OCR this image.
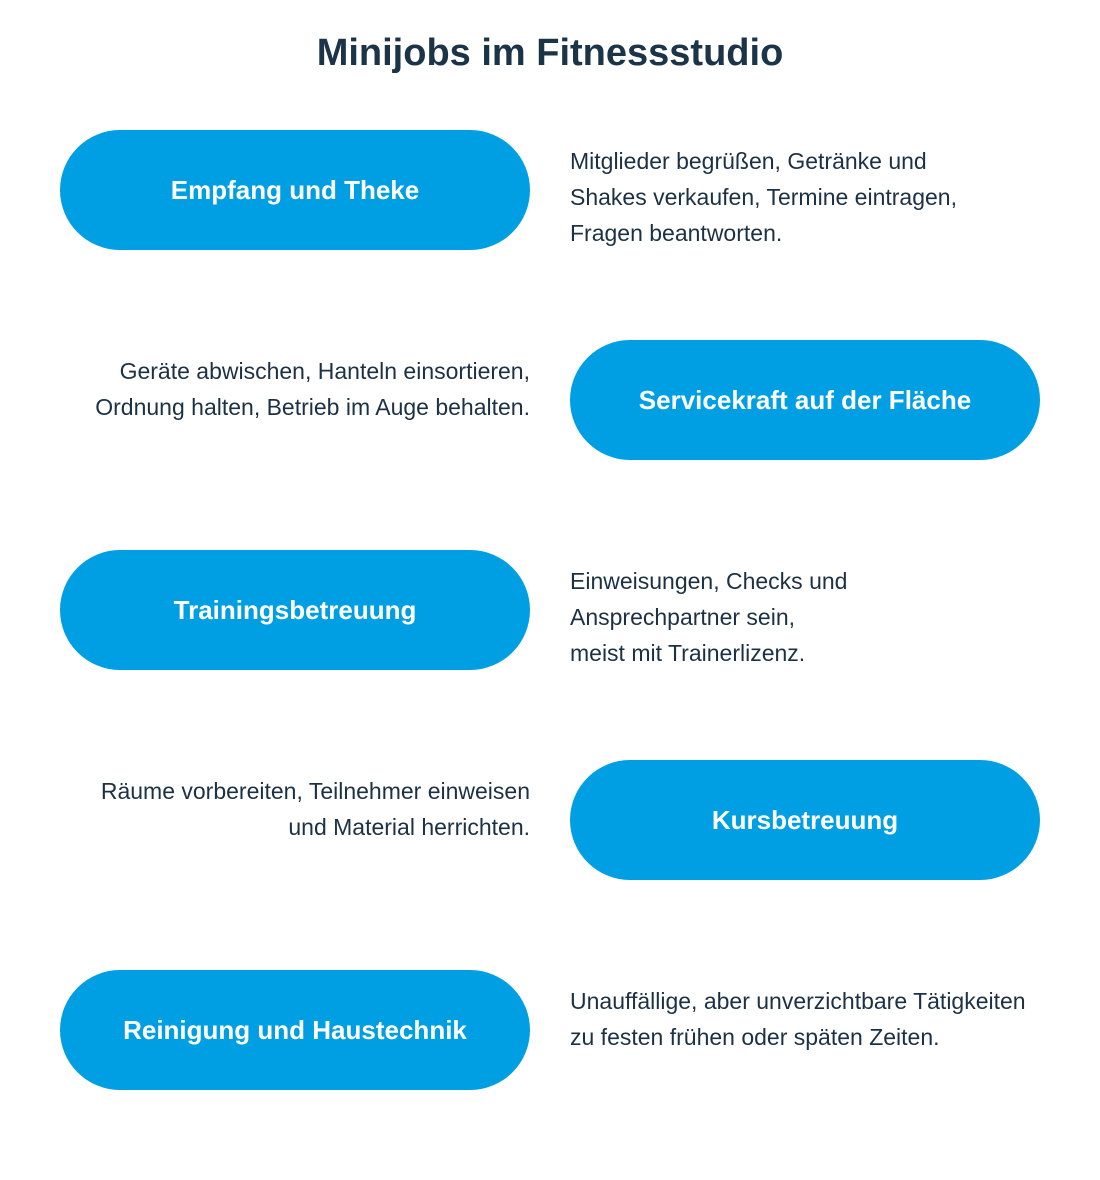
Minijobs im Fitnessstudio
Empfang und Theke
Mitglieder begrüßen, Getränke und
Shakes verkaufen, Termine eintragen,
Fragen beantworten.
Geräte abwischen, Hanteln einsortieren,
Ordnung halten, Betrieb im Auge behalten.	Servicekraft auf der Fläche
Trainingsbetreuung
Einweisungen, Checks und
Ansprechpartner sein,
meist mit Trainerlizenz.
Räume vorbereiten, Teilnehmer einweisen
und Material herrichten.	Kursbetreuung
Reinigung und Haustechnik
Unauffällige, aber unverzichtbare Tätigkeiten
zu festen frühen oder späten Zeiten.
